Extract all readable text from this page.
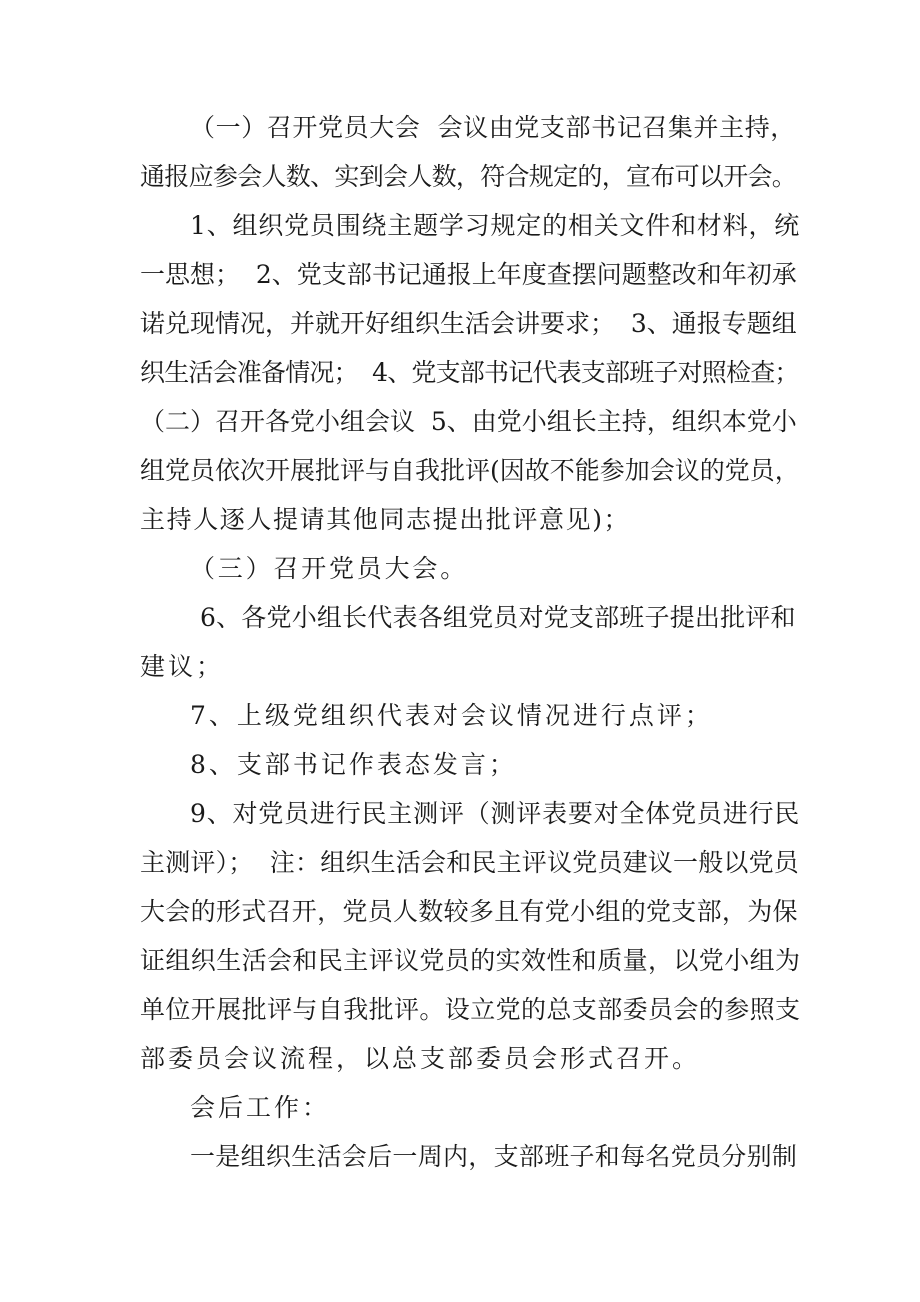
（一）召开党员大会  会议由党支部书记召集并主持，
通报应参会人数、实到会人数，符合规定的，宣布可以开会。
1、组织党员围绕主题学习规定的相关文件和材料，统
一思想；  2、党支部书记通报上年度查摆问题整改和年初承
诺兑现情况，并就开好组织生活会讲要求；  3、通报专题组
织生活会准备情况；  4、党支部书记代表支部班子对照检查；
（二）召开各党小组会议  5、由党小组长主持，组织本党小
组党员依次开展批评与自我批评(因故不能参加会议的党员，
主持人逐人提请其他同志提出批评意见)；
（三）召开党员大会。
6、各党小组长代表各组党员对党支部班子提出批评和
建议；
7、上级党组织代表对会议情况进行点评；
8、支部书记作表态发言；
9、对党员进行民主测评（测评表要对全体党员进行民
主测评）；  注：组织生活会和民主评议党员建议一般以党员
大会的形式召开，党员人数较多且有党小组的党支部，为保
证组织生活会和民主评议党员的实效性和质量，以党小组为
单位开展批评与自我批评。设立党的总支部委员会的参照支
部委员会议流程，以总支部委员会形式召开。
会后工作：
一是组织生活会后一周内，支部班子和每名党员分别制
